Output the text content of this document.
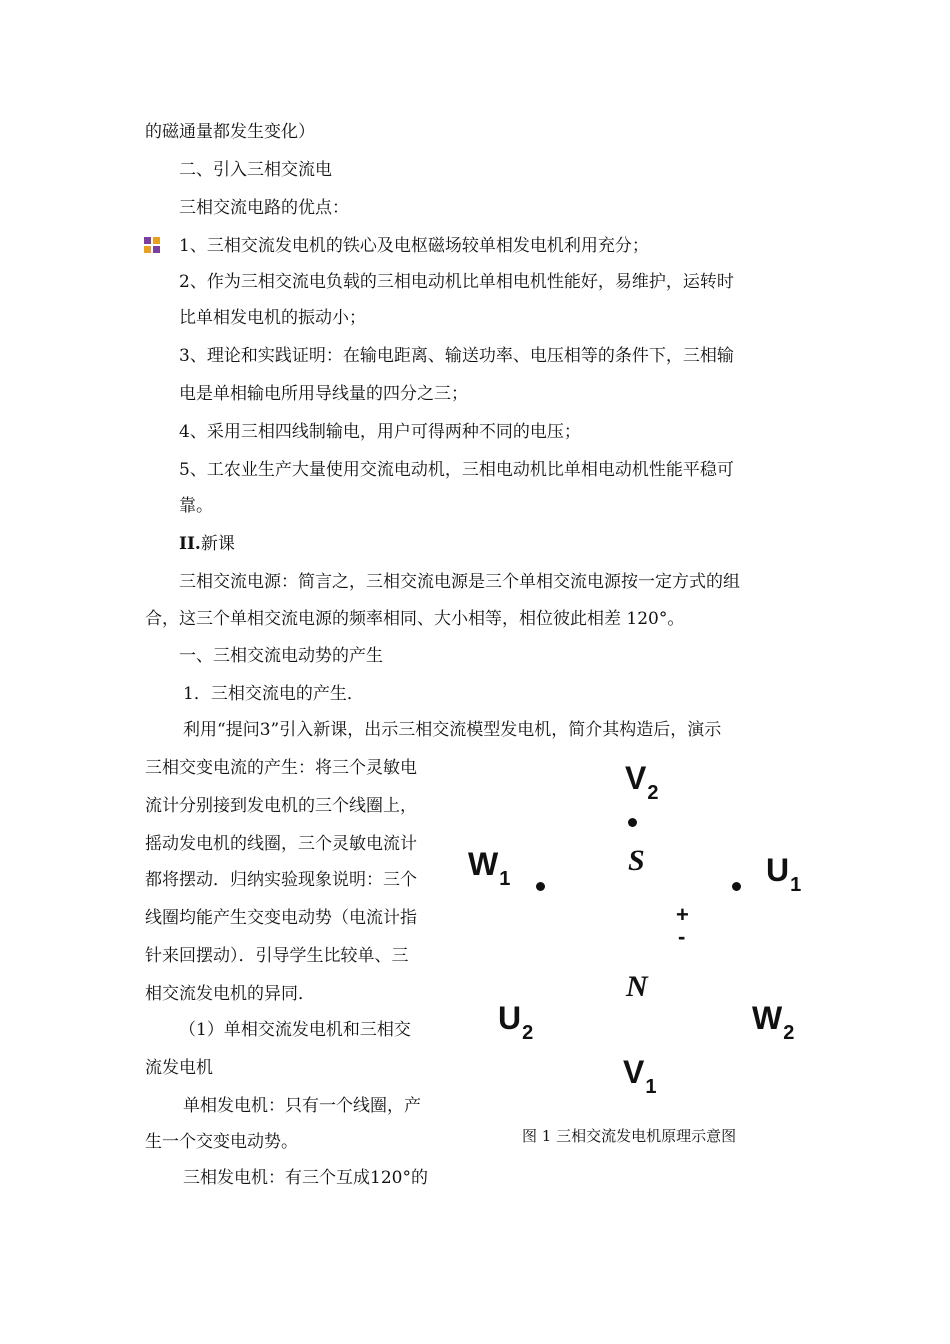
的磁通量都发生变化）
二、引入三相交流电
三相交流电路的优点：
1、三相交流发电机的铁心及电枢磁场较单相发电机利用充分；
2、作为三相交流电负载的三相电动机比单相电机性能好，易维护，运转时
比单相发电机的振动小；
3、理论和实践证明：在输电距离、输送功率、电压相等的条件下，三相输
电是单相输电所用导线量的四分之三；
4、采用三相四线制输电，用户可得两种不同的电压；
5、工农业生产大量使用交流电动机，三相电动机比单相电动机性能平稳可
靠。
II.新课
三相交流电源：简言之，三相交流电源是三个单相交流电源按一定方式的组
合，这三个单相交流电源的频率相同、大小相等，相位彼此相差 120°。
一、三相交流电动势的产生
1．三相交流电的产生．
利用“提问3”引入新课，出示三相交流模型发电机，简介其构造后，演示
三相交变电流的产生：将三个灵敏电
流计分别接到发电机的三个线圈上，
摇动发电机的线圈，三个灵敏电流计
都将摆动．归纳实验现象说明：三个
线圈均能产生交变电动势（电流计指
针来回摆动）．引导学生比较单、三
相交流发电机的异同．
（1）单相交流发电机和三相交
流发电机
单相发电机：只有一个线圈，产
生一个交变电动势。
三相发电机：有三个互成120°的
$V_2$
S
$W_1$	$U_1$
+
-
N
$U_2$	$W_2$
$V_1$
图 1 三相交流发电机原理示意图
